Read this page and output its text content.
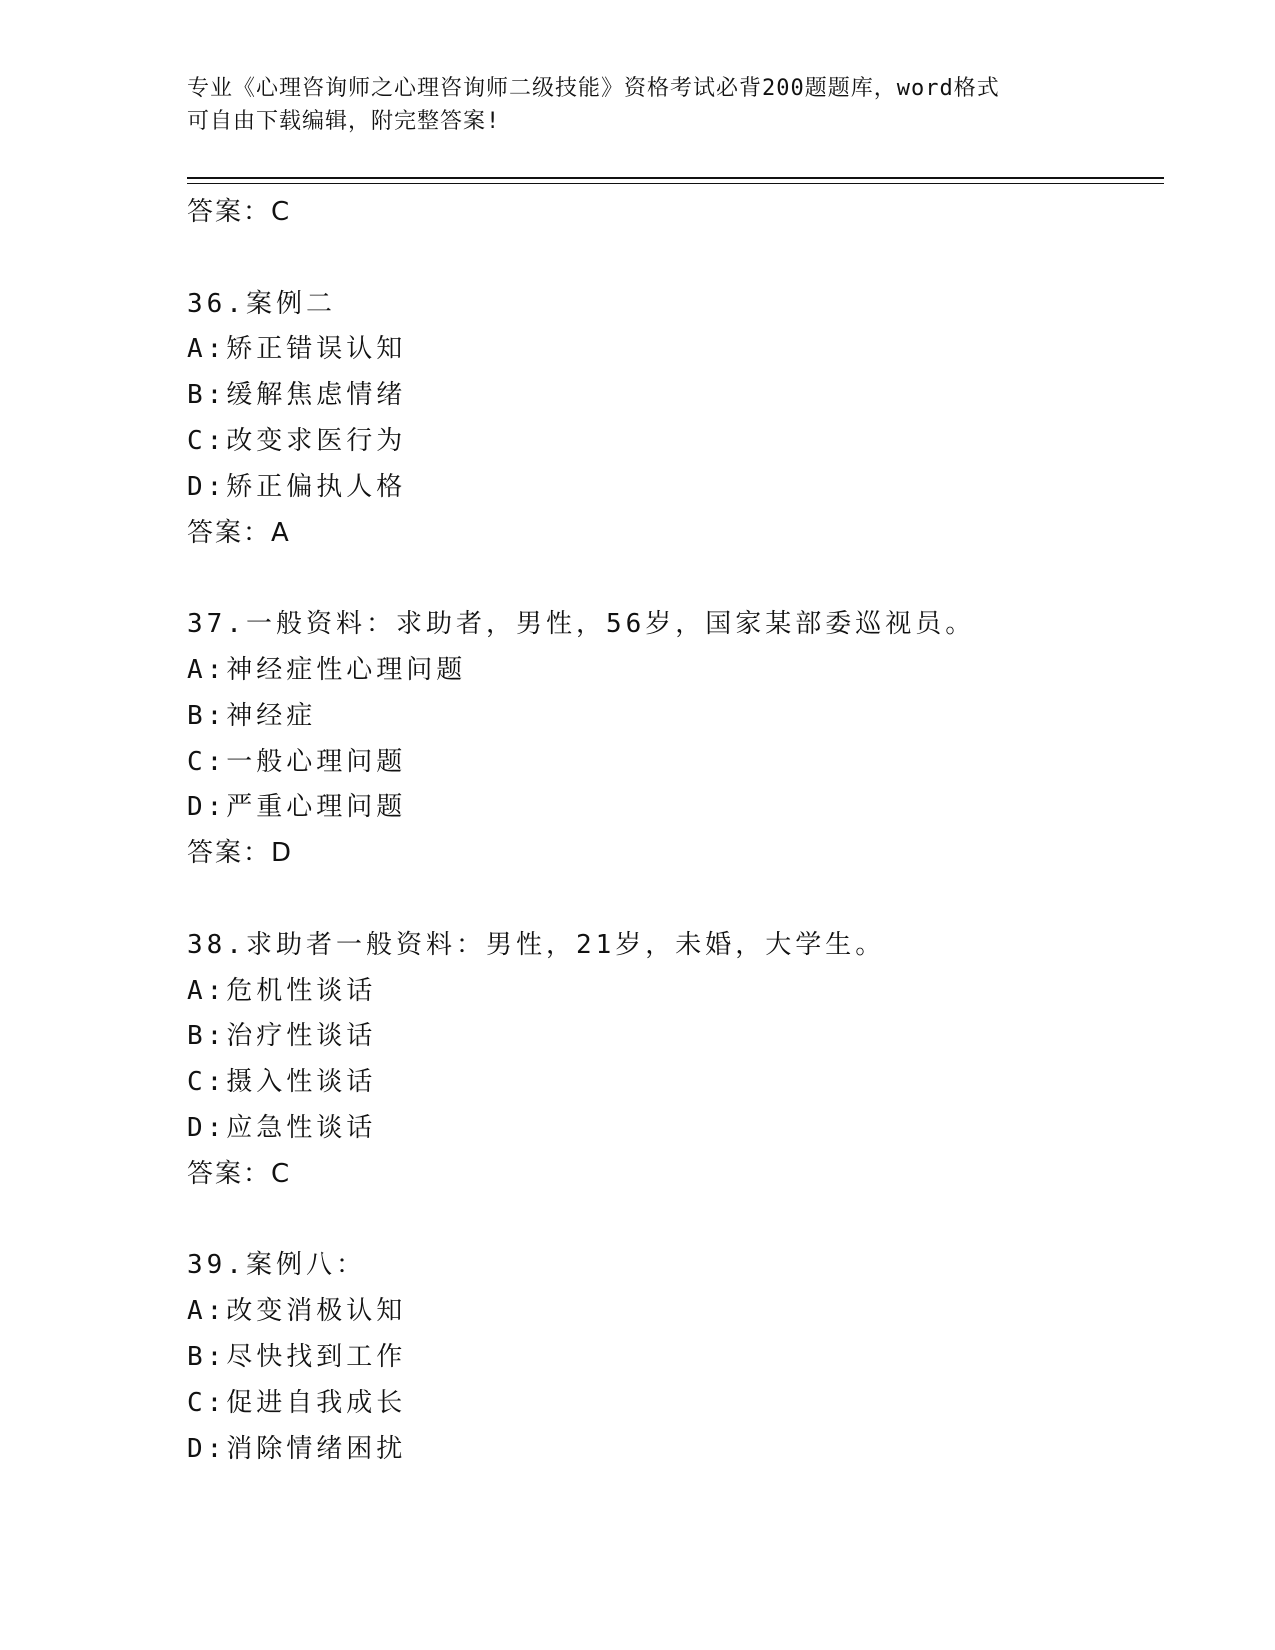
专业《心理咨询师之心理咨询师二级技能》资格考试必背200题题库，word格式
可自由下载编辑，附完整答案!
答案：C
36.案例二
A:矫正错误认知
B:缓解焦虑情绪
C:改变求医行为
D:矫正偏执人格
答案：A
37.一般资料：求助者，男性，56岁，国家某部委巡视员。
A:神经症性心理问题
B:神经症
C:一般心理问题
D:严重心理问题
答案：D
38.求助者一般资料：男性，21岁，未婚，大学生。
A:危机性谈话
B:治疗性谈话
C:摄入性谈话
D:应急性谈话
答案：C
39.案例八：
A:改变消极认知
B:尽快找到工作
C:促进自我成长
D:消除情绪困扰
